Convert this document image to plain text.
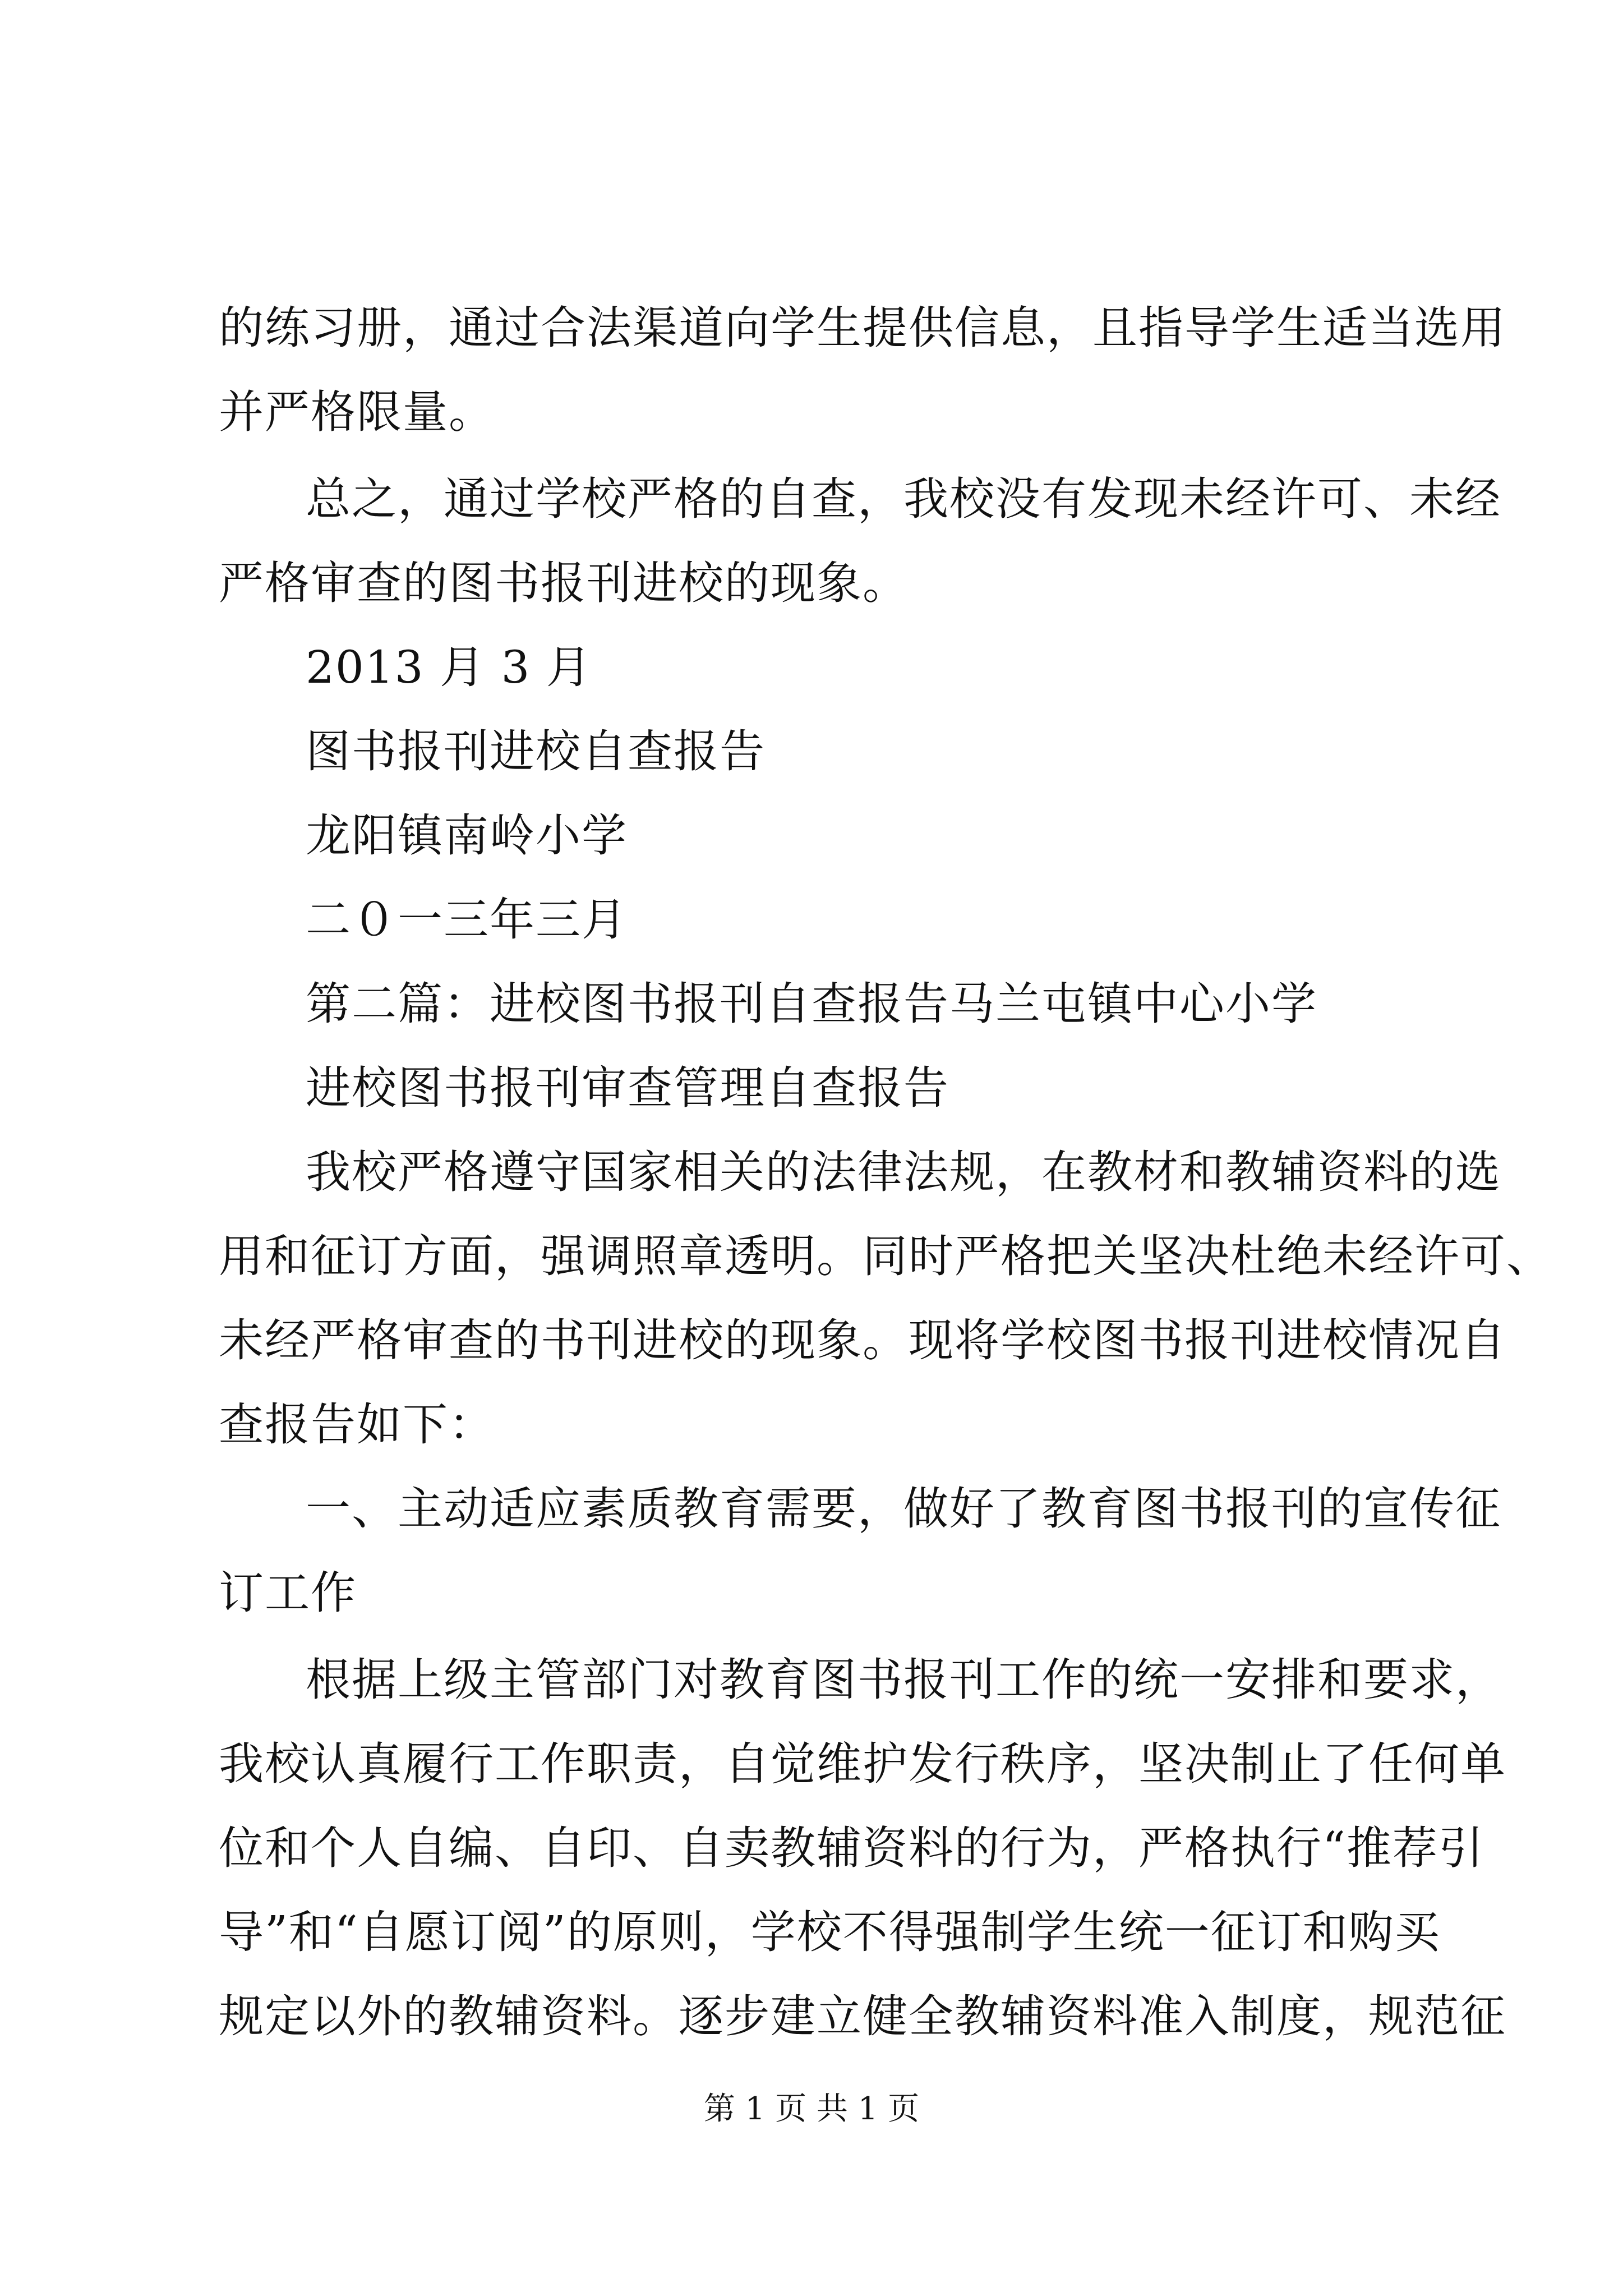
的练习册，通过合法渠道向学生提供信息，且指导学生适当选用
并严格限量。
总之，通过学校严格的自查，我校没有发现未经许可、未经
严格审查的图书报刊进校的现象。
2013 月 3 月
图书报刊进校自查报告
龙阳镇南岭小学
二０一三年三月
第二篇：进校图书报刊自查报告马兰屯镇中心小学
进校图书报刊审查管理自查报告
我校严格遵守国家相关的法律法规，在教材和教辅资料的选
用和征订方面，强调照章透明。同时严格把关坚决杜绝未经许可、
未经严格审查的书刊进校的现象。现将学校图书报刊进校情况自
查报告如下：
一、主动适应素质教育需要，做好了教育图书报刊的宣传征
订工作
根据上级主管部门对教育图书报刊工作的统一安排和要求，
我校认真履行工作职责，自觉维护发行秩序，坚决制止了任何单
位和个人自编、自印、自卖教辅资料的行为，严格执行“推荐引
导”和“自愿订阅”的原则，学校不得强制学生统一征订和购买
规定以外的教辅资料。逐步建立健全教辅资料准入制度，规范征
第 1 页 共 1 页
